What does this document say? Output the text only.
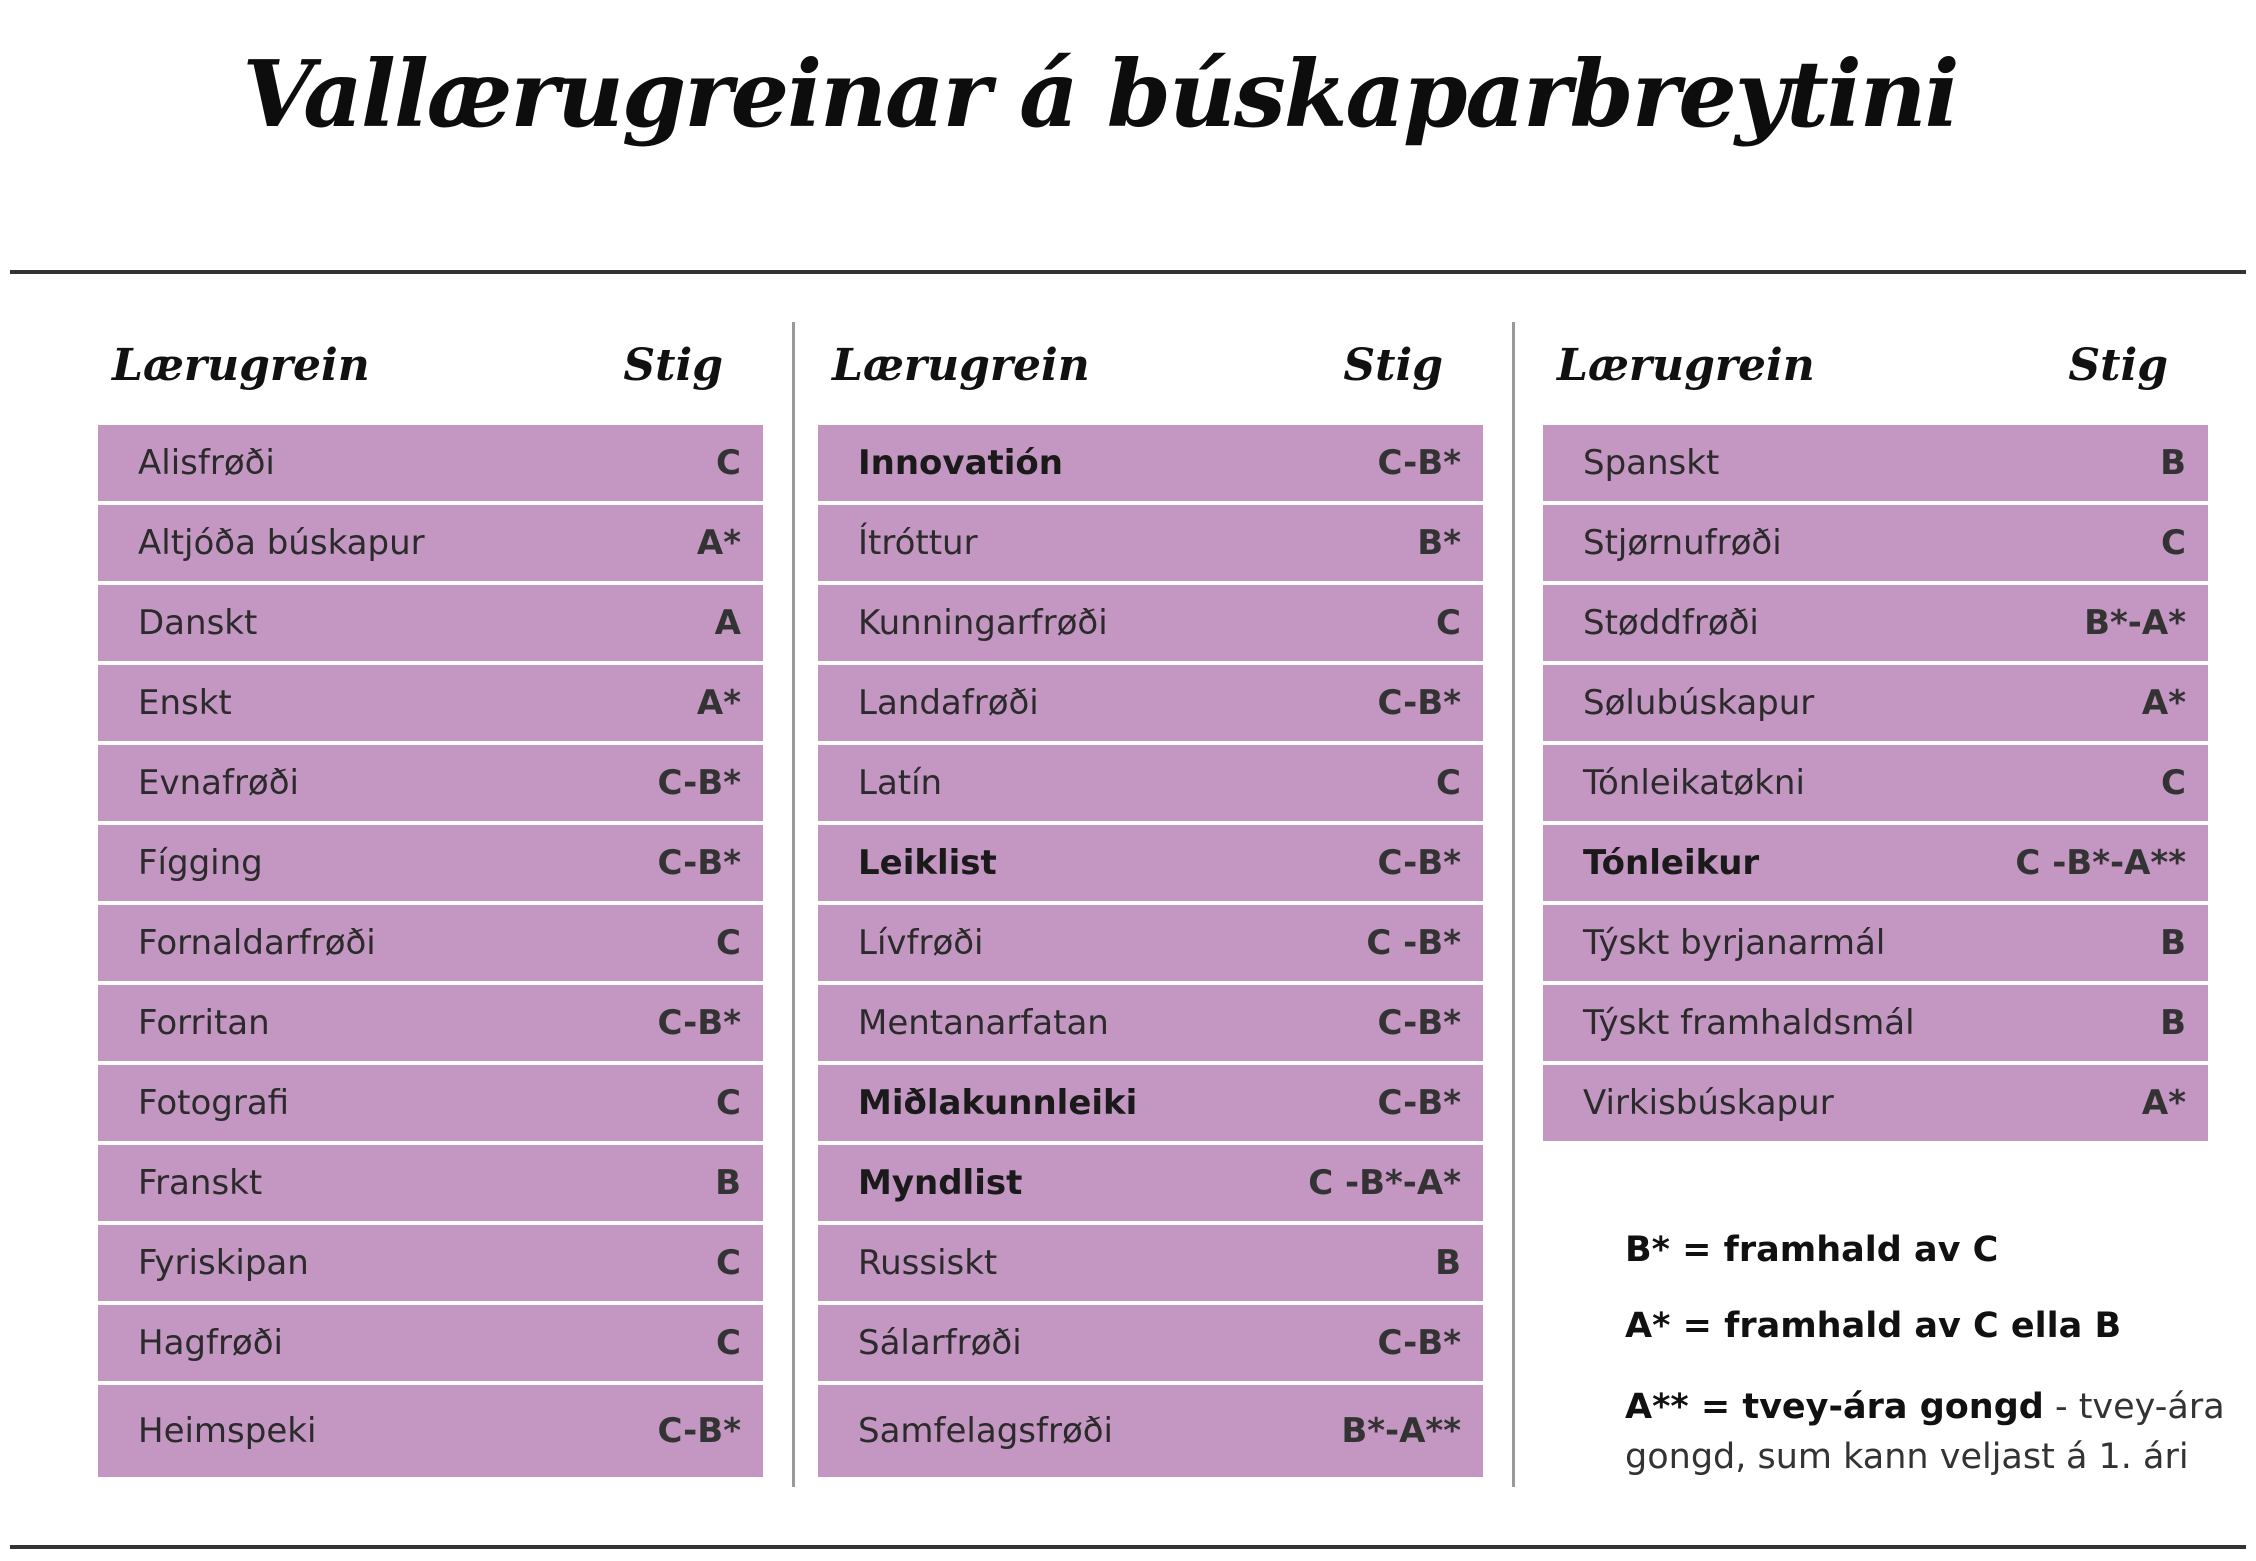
Vallærugreinar á búskaparbreytini
Lærugrein	Stig
Alisfrøði	C
Altjóða búskapur	A*
Danskt	A
Enskt	A*
Evnafrøði	C-B*
Fígging	C-B*
Fornaldarfrøði	C
Forritan	C-B*
Fotografi	C
Franskt	B
Fyriskipan	C
Hagfrøði	C
Heimspeki	C-B*
Lærugrein	Stig
Innovatión	C-B*
Ítróttur	B*
Kunningarfrøði	C
Landafrøði	C-B*
Latín	C
Leiklist	C-B*
Lívfrøði	C -B*
Mentanarfatan	C-B*
Miðlakunnleiki	C-B*
Myndlist	C -B*-A*
Russiskt	B
Sálarfrøði	C-B*
Samfelagsfrøði	B*-A**
Lærugrein	Stig
Spanskt	B
Stjørnufrøði	C
Støddfrøði	B*-A*
Sølubúskapur	A*
Tónleikatøkni	C
Tónleikur	C -B*-A**
Týskt byrjanarmál	B
Týskt framhaldsmál	B
Virkisbúskapur	A*
B* = framhald av C
A* = framhald av C ella B
A** = tvey-ára gongd - tvey-ára gongd, sum kann veljast á 1. ári
